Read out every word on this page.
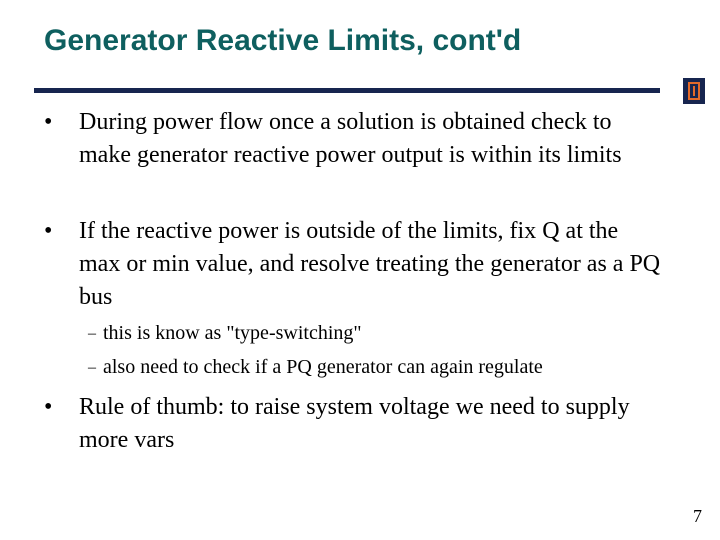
Generator Reactive Limits, cont'd
•	During power flow once a solution is obtained check to make generator reactive power output is within its limits
•	If the reactive power is outside of the limits, fix Q at the max or min value, and resolve treating the generator as a PQ bus
– this is know as "type-switching"
– also need to check if a PQ generator can again regulate
•	Rule of thumb: to raise system voltage we need to supply more vars
7
